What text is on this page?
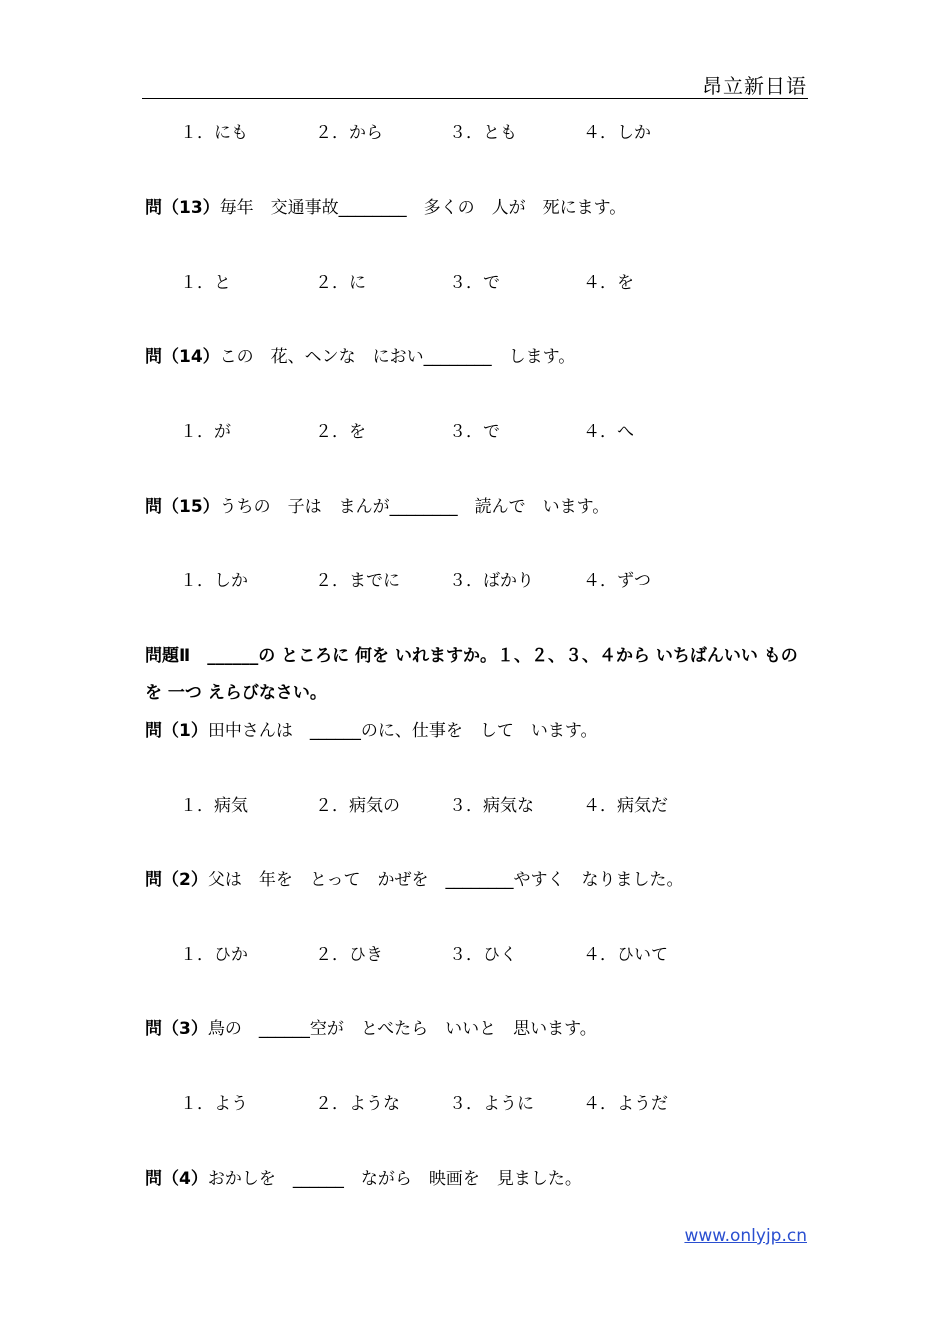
昂立新日语
１．にも	２．から	３．とも	４．しか
問（13）毎年　交通事故________　多くの　人が　死にます。
１．と	２．に	３．で	４．を
問（14）この　花、ヘンな　におい________　します。
１．が	２．を	３．で	４．へ
問（15）うちの　子は　まんが________　読んで　います。
１．しか	２．までに	３．ばかり	４．ずつ
問題Ⅱ　______の ところに 何を いれますか。１、２、３、４から いちばんいい ものを 一つ えらびなさい。
問（1）田中さんは　______のに、仕事を　して　います。
１．病気	２．病気の	３．病気な	４．病気だ
問（2）父は　年を　とって　かぜを　________やすく　なりました。
１．ひか	２．ひき	３．ひく	４．ひいて
問（3）鳥の　______空が　とべたら　いいと　思います。
１．よう	２．ような	３．ように	４．ようだ
問（4）おかしを　______　ながら　映画を　見ました。
www.onlyjp.cn
